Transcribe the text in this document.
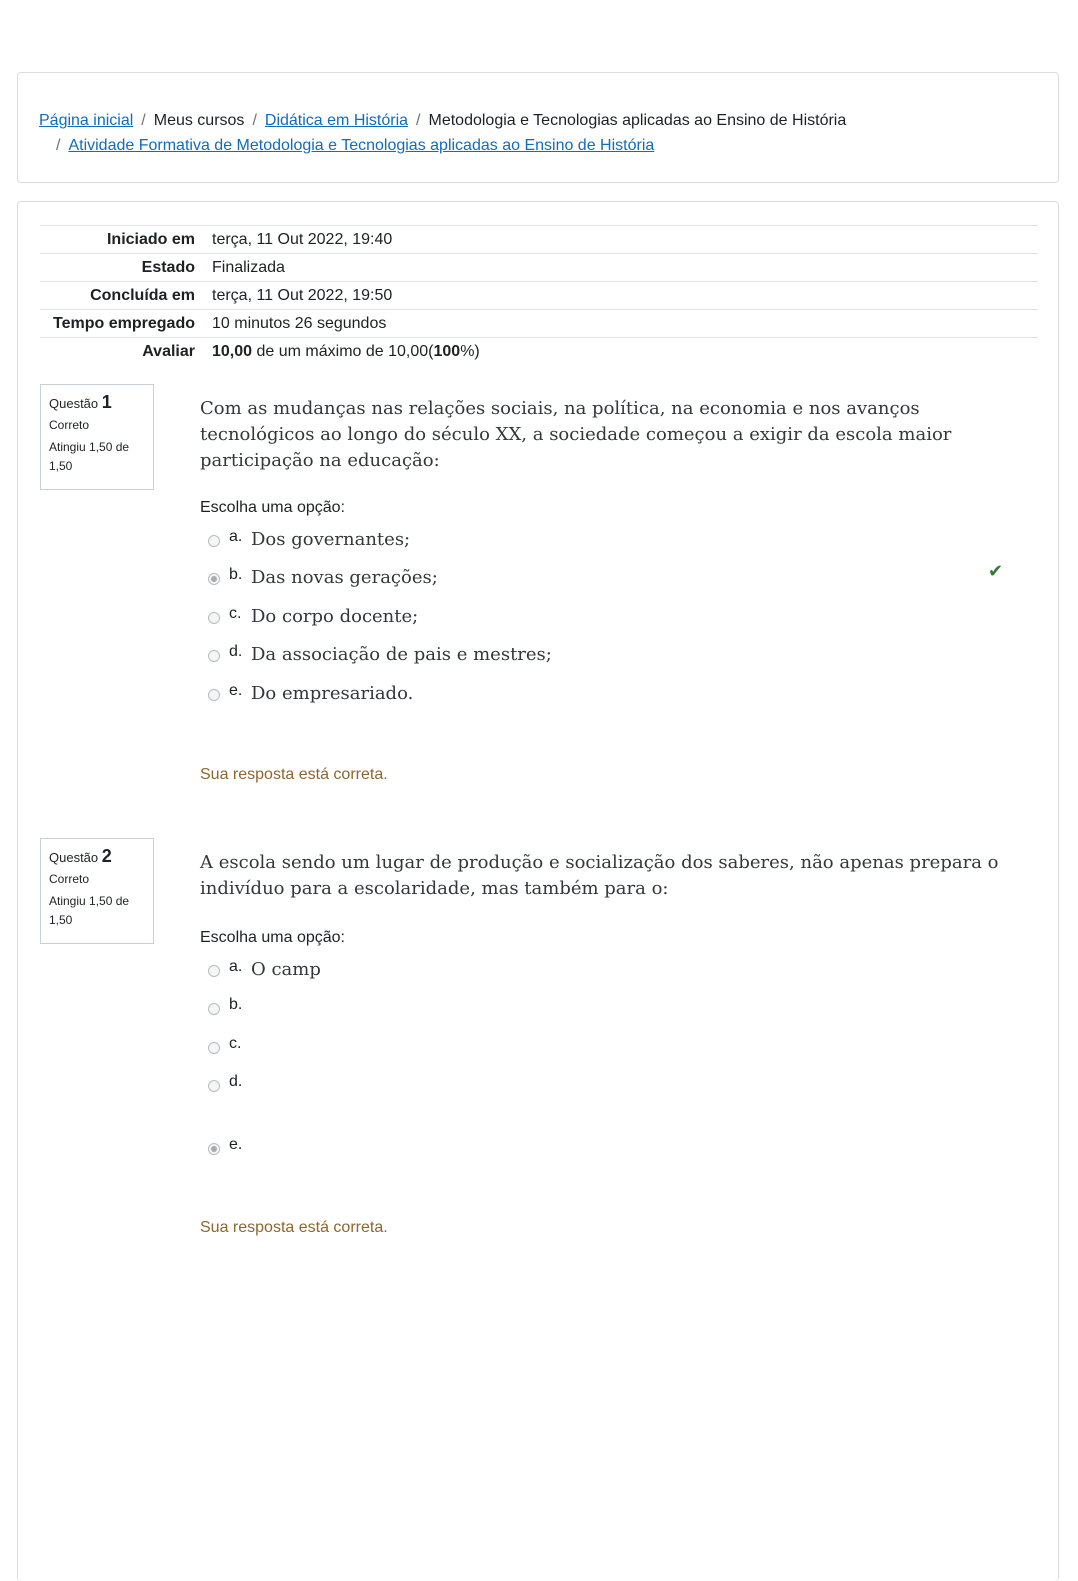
Página inicial / Meus cursos / Didática em História / Metodologia e Tecnologias aplicadas ao Ensino de História
/ Atividade Formativa de Metodologia e Tecnologias aplicadas ao Ensino de História
Iniciado em	terça, 11 Out 2022, 19:40
Estado	Finalizada
Concluída em	terça, 11 Out 2022, 19:50
Tempo empregado	10 minutos 26 segundos
Avaliar	10,00 de um máximo de 10,00(100%)
Questão 1
Correto
Atingiu 1,50 de 1,50
Com as mudanças nas relações sociais, na política, na economia e nos avanços tecnológicos ao longo do século XX, a sociedade começou a exigir da escola maior participação na educação:
Escolha uma opção:
a. Dos governantes;
b. Das novas gerações;	✔
c. Do corpo docente;
d. Da associação de pais e mestres;
e. Do empresariado.
Sua resposta está correta.
Questão 2
Correto
Atingiu 1,50 de 1,50
A escola sendo um lugar de produção e socialização dos saberes, não apenas prepara o indivíduo para a escolaridade, mas também para o:
Escolha uma opção:
a. O camp
b.
c.
d.
e.
Sua resposta está correta.
